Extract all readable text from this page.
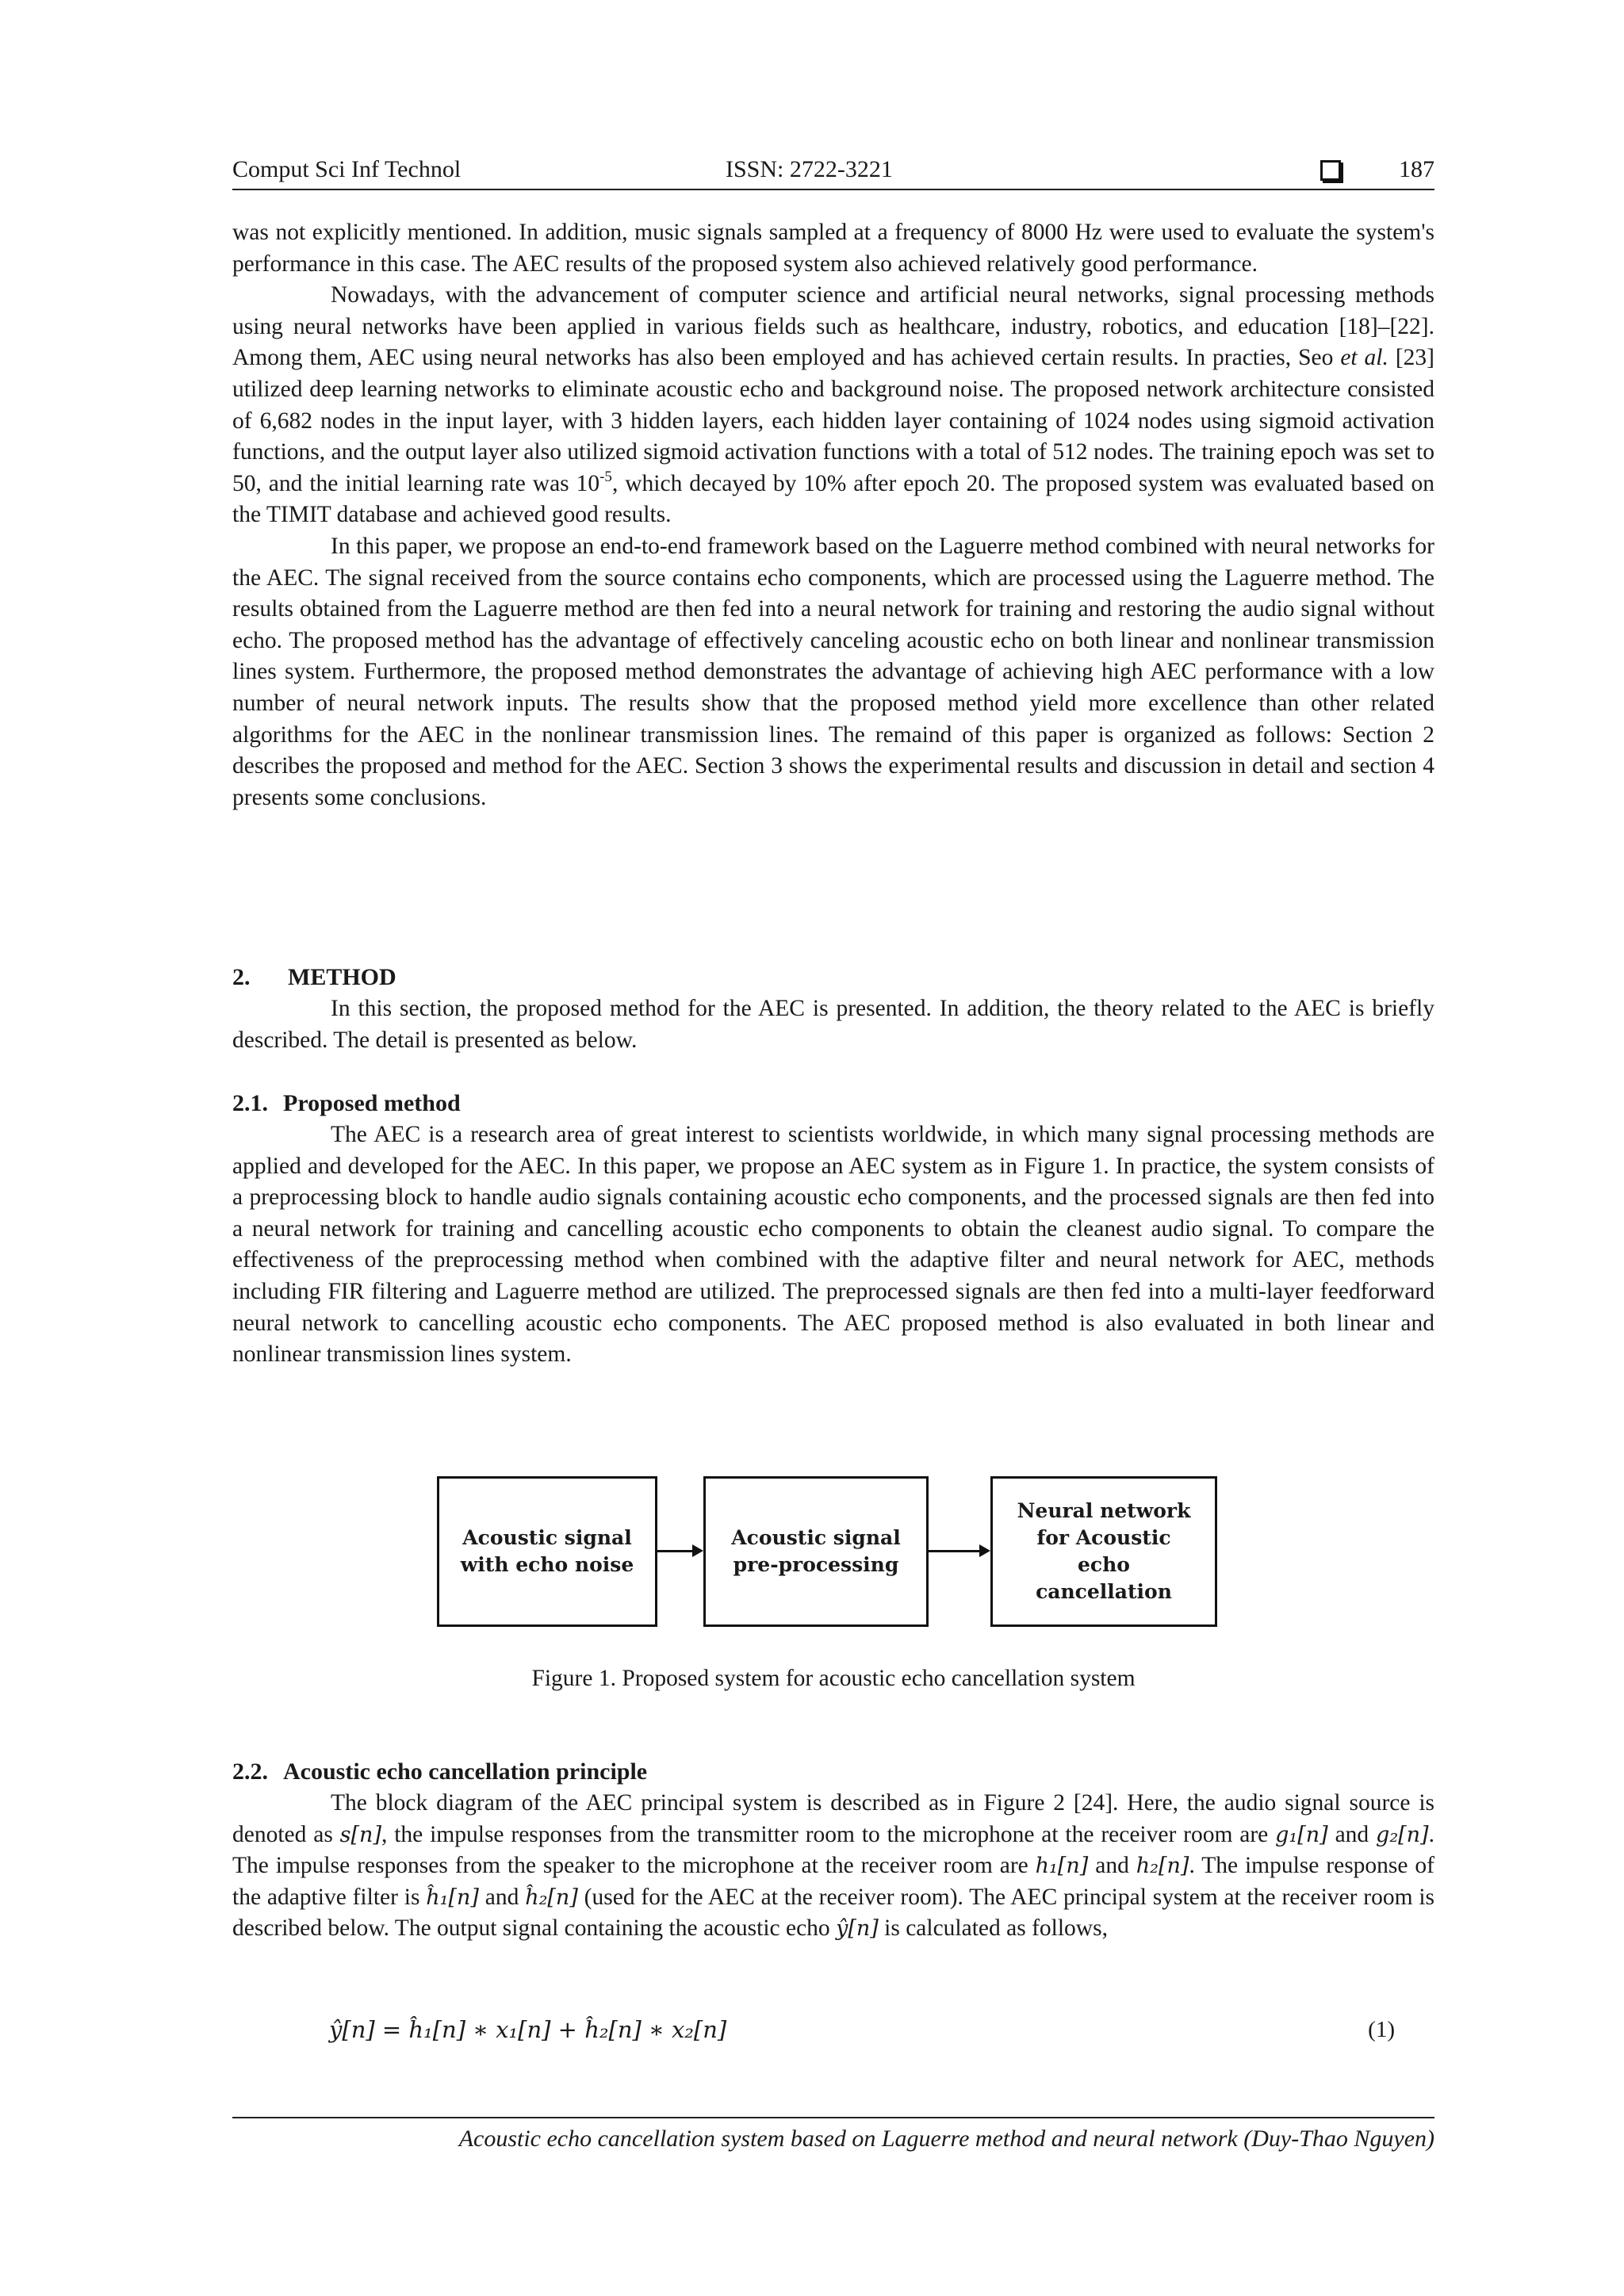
Comput Sci Inf Technol	ISSN: 2722-3221	187

was not explicitly mentioned. In addition, music signals sampled at a frequency of 8000 Hz were used to evaluate the system's performance in this case. The AEC results of the proposed system also achieved relatively good performance.

Nowadays, with the advancement of computer science and artificial neural networks, signal processing methods using neural networks have been applied in various fields such as healthcare, industry, robotics, and education [18]–[22]. Among them, AEC using neural networks has also been employed and has achieved certain results. In practies, Seo et al. [23] utilized deep learning networks to eliminate acoustic echo and background noise. The proposed network architecture consisted of 6,682 nodes in the input layer, with 3 hidden layers, each hidden layer containing of 1024 nodes using sigmoid activation functions, and the output layer also utilized sigmoid activation functions with a total of 512 nodes. The training epoch was set to 50, and the initial learning rate was $10^{-5}$, which decayed by 10% after epoch 20. The proposed system was evaluated based on the TIMIT database and achieved good results.

In this paper, we propose an end-to-end framework based on the Laguerre method combined with neural networks for the AEC. The signal received from the source contains echo components, which are processed using the Laguerre method. The results obtained from the Laguerre method are then fed into a neural network for training and restoring the audio signal without echo. The proposed method has the advantage of effectively canceling acoustic echo on both linear and nonlinear transmission lines system. Furthermore, the proposed method demonstrates the advantage of achieving high AEC performance with a low number of neural network inputs. The results show that the proposed method yield more excellence than other related algorithms for the AEC in the nonlinear transmission lines. The remaind of this paper is organized as follows: Section 2 describes the proposed and method for the AEC. Section 3 shows the experimental results and discussion in detail and section 4 presents some conclusions.

2. METHOD

In this section, the proposed method for the AEC is presented. In addition, the theory related to the AEC is briefly described. The detail is presented as below.

2.1. Proposed method

The AEC is a research area of great interest to scientists worldwide, in which many signal processing methods are applied and developed for the AEC. In this paper, we propose an AEC system as in Figure 1. In practice, the system consists of a preprocessing block to handle audio signals containing acoustic echo components, and the processed signals are then fed into a neural network for training and cancelling acoustic echo components to obtain the cleanest audio signal. To compare the effectiveness of the preprocessing method when combined with the adaptive filter and neural network for AEC, methods including FIR filtering and Laguerre method are utilized. The preprocessed signals are then fed into a multi-layer feedforward neural network to cancelling acoustic echo components. The AEC proposed method is also evaluated in both linear and nonlinear transmission lines system.

Acoustic signal with echo noise
Acoustic signal pre-processing
Neural network for Acoustic echo cancellation
Figure 1. Proposed system for acoustic echo cancellation system

2.2. Acoustic echo cancellation principle

The block diagram of the AEC principal system is described as in Figure 2 [24]. Here, the audio signal source is denoted as s[n], the impulse responses from the transmitter room to the microphone at the receiver room are g₁[n] and g₂[n]. The impulse responses from the speaker to the microphone at the receiver room are h₁[n] and h₂[n]. The impulse response of the adaptive filter is ĥ₁[n] and ĥ₂[n] (used for the AEC at the receiver room). The AEC principal system at the receiver room is described below. The output signal containing the acoustic echo ŷ[n] is calculated as follows,

ŷ[n] = ĥ₁[n] ∗ x₁[n] + ĥ₂[n] ∗ x₂[n]	(1)
Acoustic echo cancellation system based on Laguerre method and neural network (Duy-Thao Nguyen)
